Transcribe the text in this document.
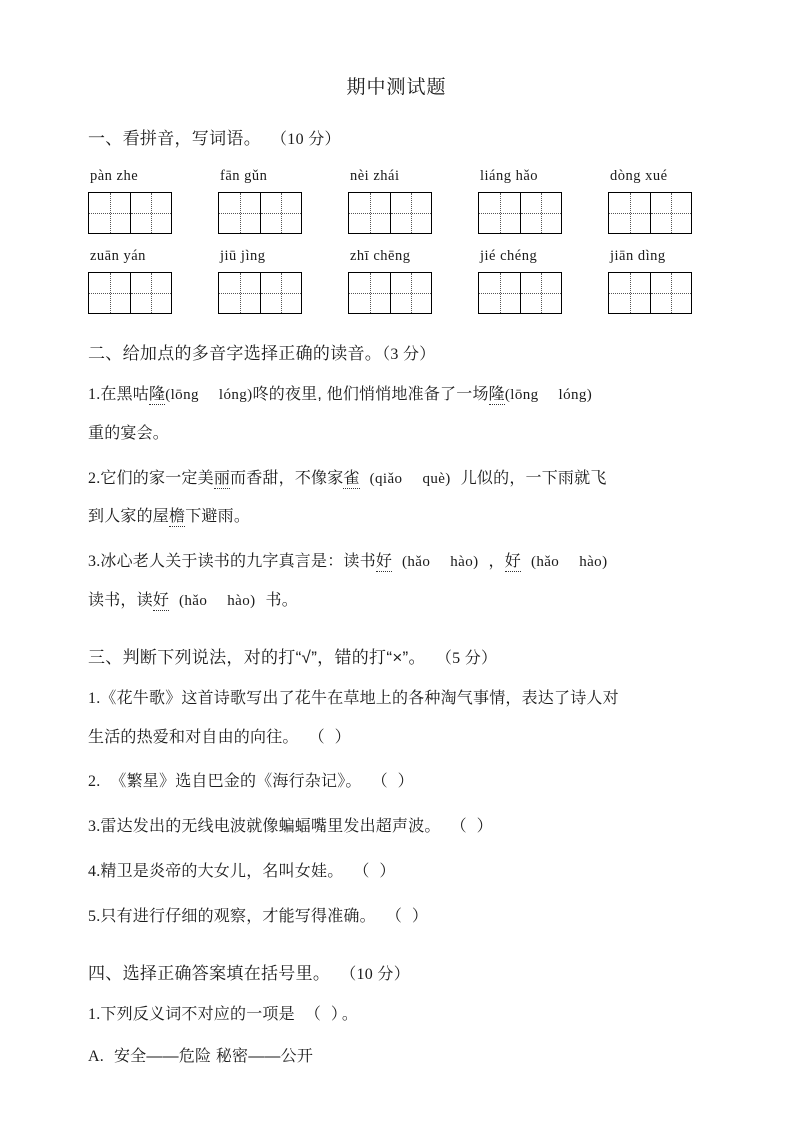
期中测试题
一、看拼音，写词语。 （10 分）
pàn zhe	fān gǔn	nèi zhái	liáng hǎo	dòng xué
zuān yán	jiū jìng	zhī chēng	jié chéng	jiān dìng
二、给加点的多音字选择正确的读音。（3 分）
1.在黑咕隆(lōng lóng)咚的夜里, 他们悄悄地准备了一场隆(lōng lóng)
重的宴会。
2.它们的家一定美丽而香甜，不像家雀 (qiǎo què) 儿似的，一下雨就飞
到人家的屋檐下避雨。
3.冰心老人关于读书的九字真言是：读书好 (hǎo hào) ，好 (hǎo hào)
读书，读好 (hǎo hào) 书。
三、判断下列说法，对的打“√”，错的打“×”。 （5 分）
1.《花牛歌》这首诗歌写出了花牛在草地上的各种淘气事情，表达了诗人对
生活的热爱和对自由的向往。 （ ）
2. 《繁星》选自巴金的《海行杂记》。 （ ）
3.雷达发出的无线电波就像蝙蝠嘴里发出超声波。 （ ）
4.精卫是炎帝的大女儿，名叫女娃。 （ ）
5.只有进行仔细的观察，才能写得准确。 （ ）
四、选择正确答案填在括号里。 （10 分）
1.下列反义词不对应的一项是 （ ）。
A. 安全——危险 秘密——公开
